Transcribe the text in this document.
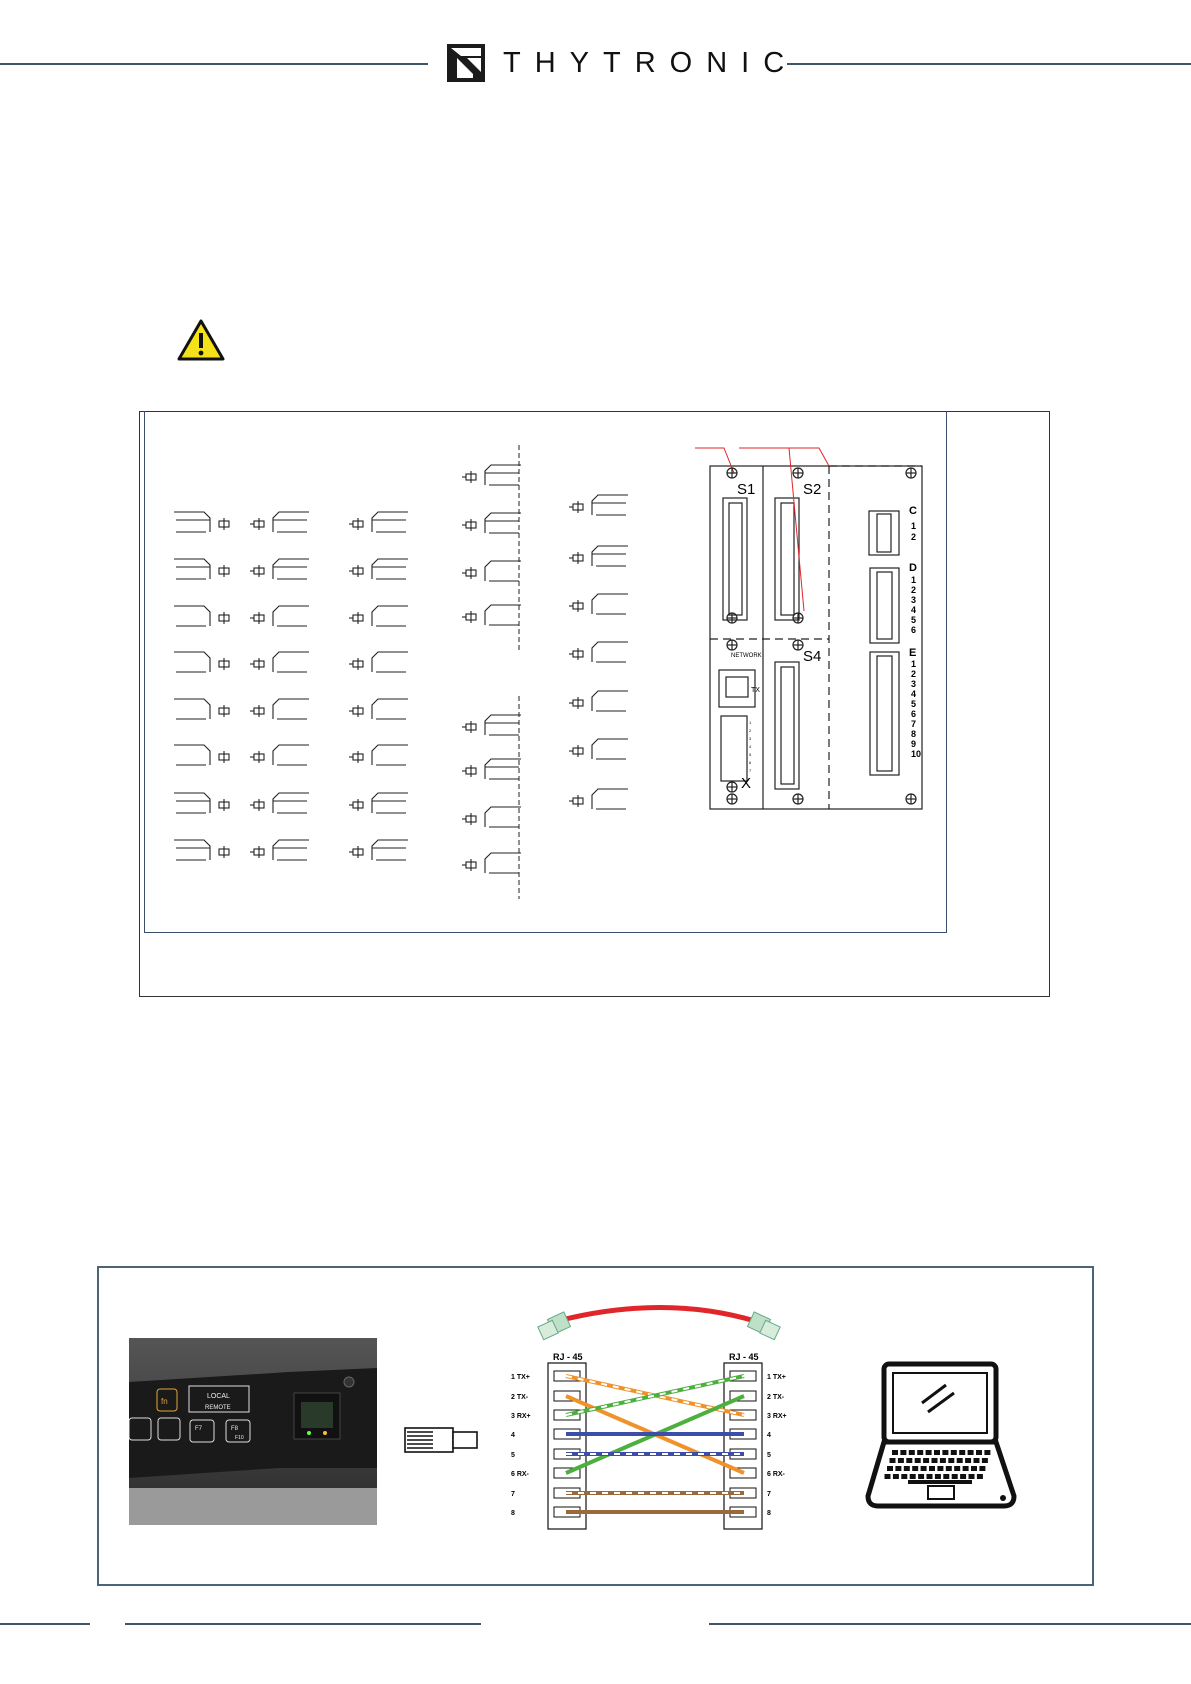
THYTRONIC
S1	S2
S4
X
C
D
E
NETWORK
TX
1
2
1
2
3
4
5
6
1
2
3
4
5
6
7
8
9
10
1
2
3
4
5
6
7
fn
LOCAL
REMOTE
F7	F8
F10
RJ - 45	RJ - 45
1 TX+
2 TX-
3 RX+
4
5
6 RX-
7
8
1 TX+
2 TX-
3 RX+
4
5
6 RX-
7
8
